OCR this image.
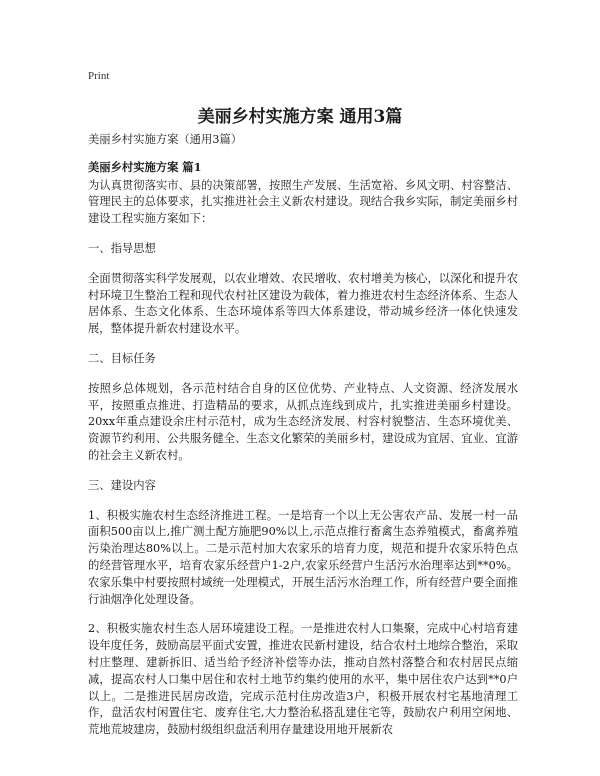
Print
美丽乡村实施方案 通用3篇

美丽乡村实施方案（通用3篇）

美丽乡村实施方案 篇1

为认真贯彻落实市、县的决策部署，按照生产发展、生活宽裕、乡风文明、村容整洁、管理民主的总体要求，扎实推进社会主义新农村建设。现结合我乡实际，制定美丽乡村建设工程实施方案如下：

一、指导思想

全面贯彻落实科学发展观，以农业增效、农民增收、农村增美为核心，以深化和提升农村环境卫生整治工程和现代农村社区建设为载体，着力推进农村生态经济体系、生态人居体系、生态文化体系、生态环境体系等四大体系建设，带动城乡经济一体化快速发展，整体提升新农村建设水平。

二、目标任务

按照乡总体规划，各示范村结合自身的区位优势、产业特点、人文资源、经济发展水平，按照重点推进、打造精品的要求，从抓点连线到成片，扎实推进美丽乡村建设。20xx年重点建设余庄村示范村，成为生态经济发展、村容村貌整洁、生态环境优美、资源节约利用、公共服务健全、生态文化繁荣的美丽乡村，建设成为宜居、宜业、宜游的社会主义新农村。

三、建设内容

1、积极实施农村生态经济推进工程。一是培育一个以上无公害农产品、发展一村一品面积500亩以上,推广测土配方施肥90%以上,示范点推行畜禽生态养殖模式，畜禽养殖污染治理达80%以上。二是示范村加大农家乐的培育力度，规范和提升农家乐特色点的经营管理水平，培育农家乐经营户1-2户,农家乐经营户生活污水治理率达到**0%。农家乐集中村要按照村域统一处理模式，开展生活污水治理工作，所有经营户要全面推行油烟净化处理设备。

2、积极实施农村生态人居环境建设工程。一是推进农村人口集聚，完成中心村培育建设年度任务，鼓励高层平面式安置，推进农民新村建设，结合农村土地综合整治，采取村庄整理、建新拆旧、适当给予经济补偿等办法，推动自然村落整合和农村居民点缩减，提高农村人口集中居住和农村土地节约集约使用的水平，集中居住农户达到**0户以上。二是推进民居房改造，完成示范村住房改造3户，积极开展农村宅基地清理工作，盘活农村闲置住宅、废弃住宅,大力整治私搭乱建住宅等，鼓励农户利用空闲地、荒地荒坡建房，鼓励村级组织盘活利用存量建设用地开展新农
